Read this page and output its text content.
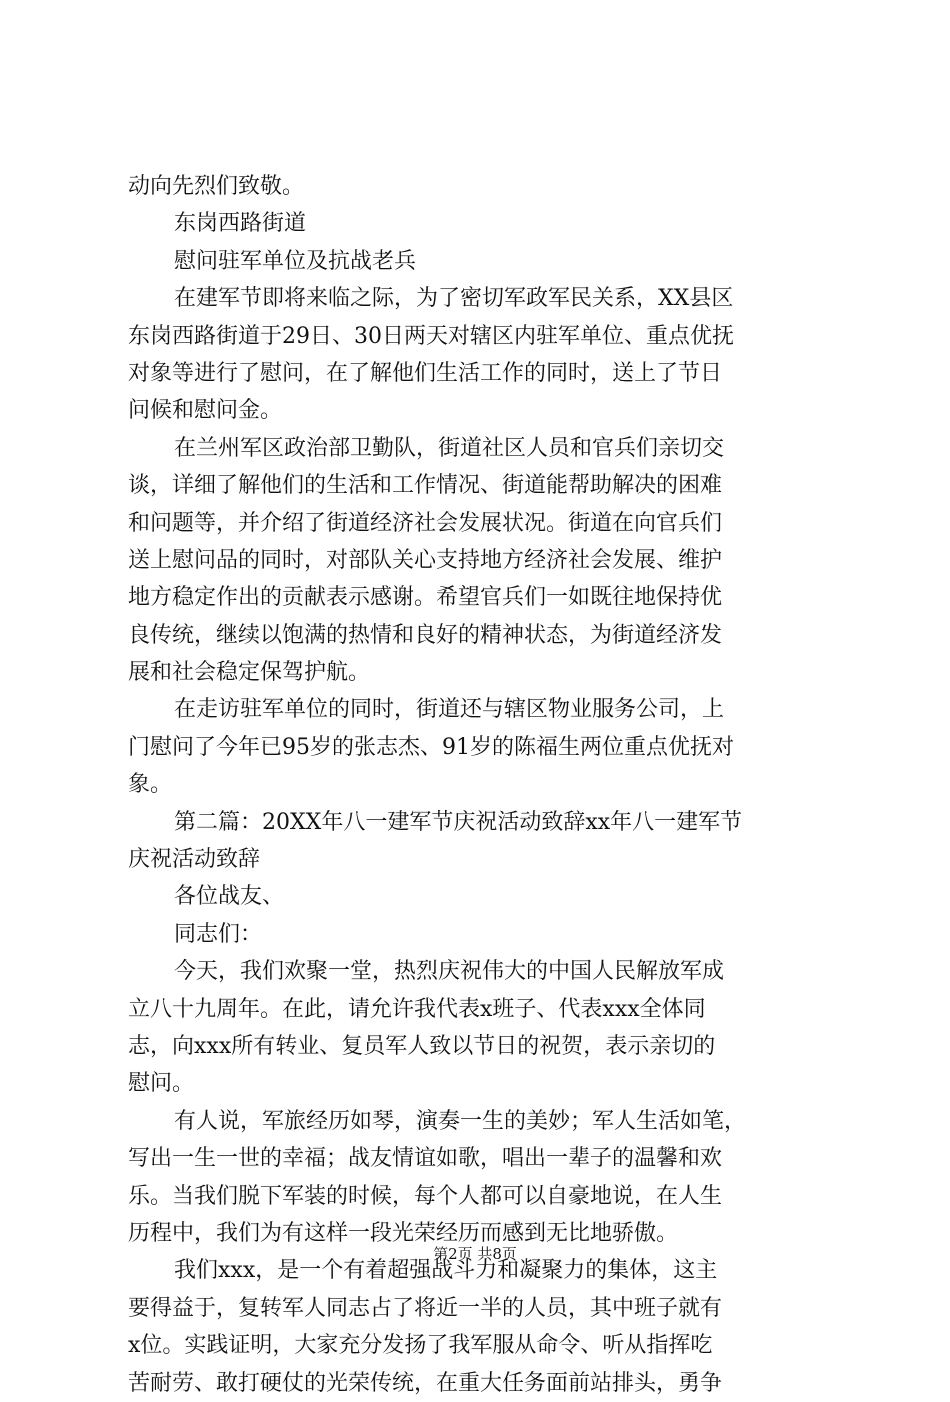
动向先烈们致敬。
东岗西路街道
慰问驻军单位及抗战老兵
在建军节即将来临之际，为了密切军政军民关系，XX县区
东岗西路街道于29日、30日两天对辖区内驻军单位、重点优抚
对象等进行了慰问，在了解他们生活工作的同时，送上了节日
问候和慰问金。
在兰州军区政治部卫勤队，街道社区人员和官兵们亲切交
谈，详细了解他们的生活和工作情况、街道能帮助解决的困难
和问题等，并介绍了街道经济社会发展状况。街道在向官兵们
送上慰问品的同时，对部队关心支持地方经济社会发展、维护
地方稳定作出的贡献表示感谢。希望官兵们一如既往地保持优
良传统，继续以饱满的热情和良好的精神状态，为街道经济发
展和社会稳定保驾护航。
在走访驻军单位的同时，街道还与辖区物业服务公司，上
门慰问了今年已95岁的张志杰、91岁的陈福生两位重点优抚对
象。
第二篇：20XX年八一建军节庆祝活动致辞xx年八一建军节
庆祝活动致辞
各位战友、
同志们：
今天，我们欢聚一堂，热烈庆祝伟大的中国人民解放军成
立八十九周年。在此，请允许我代表x班子、代表xxx全体同
志，向xxx所有转业、复员军人致以节日的祝贺，表示亲切的
慰问。
有人说，军旅经历如琴，演奏一生的美妙；军人生活如笔，
写出一生一世的幸福；战友情谊如歌，唱出一辈子的温馨和欢
乐。当我们脱下军装的时候，每个人都可以自豪地说，在人生
历程中，我们为有这样一段光荣经历而感到无比地骄傲。
我们xxx，是一个有着超强战斗力和凝聚力的集体，这主
要得益于，复转军人同志占了将近一半的人员，其中班子就有
x位。实践证明，大家充分发扬了我军服从命令、听从指挥吃
苦耐劳、敢打硬仗的光荣传统，在重大任务面前站排头，勇争
第2页 共8页
